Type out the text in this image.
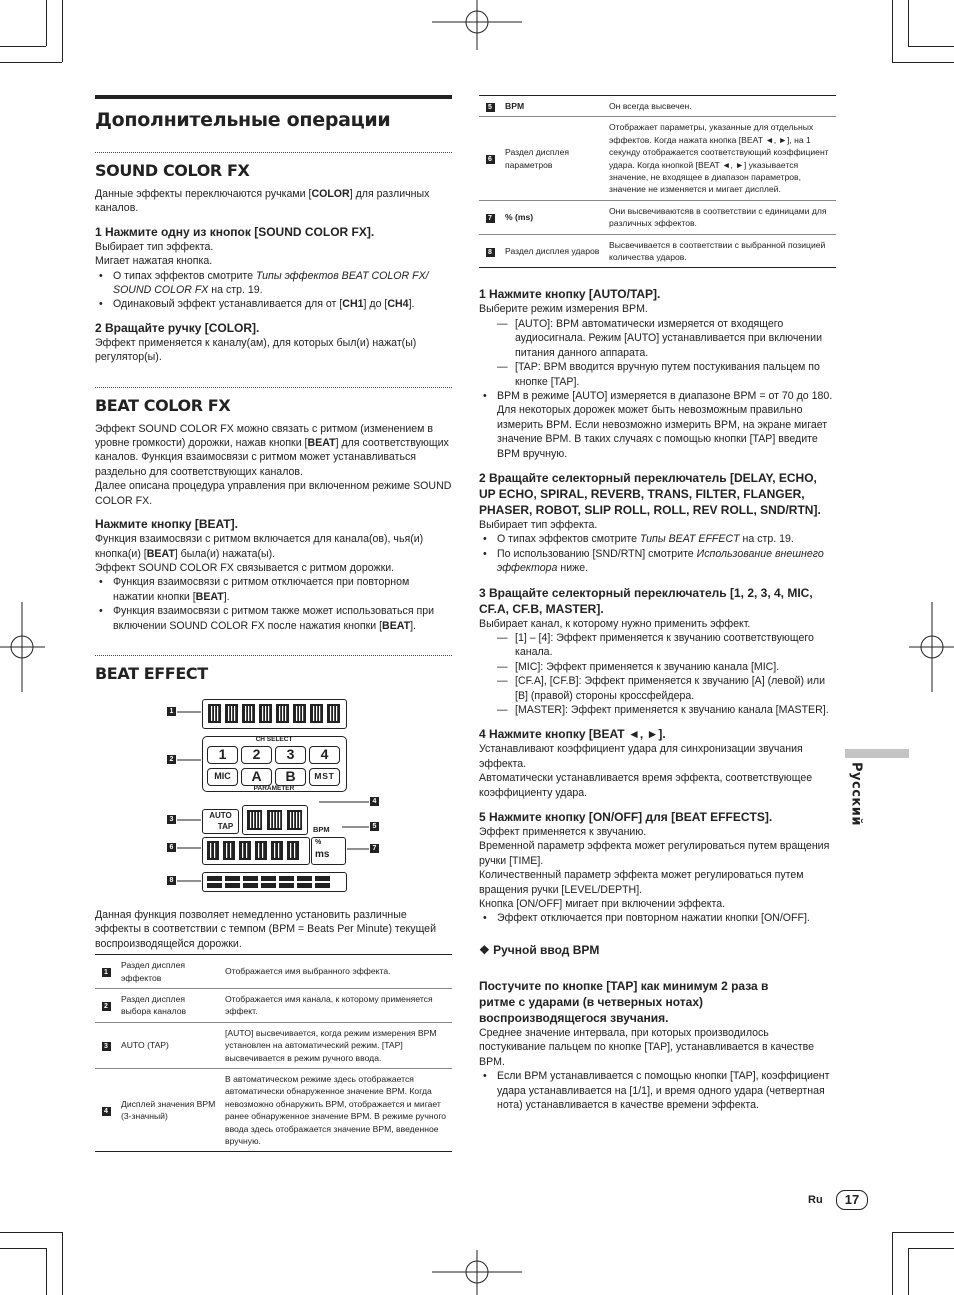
Дополнительные операции
SOUND COLOR FX

Данные эффекты переключаются ручками [COLOR] для различных каналов.

1 Нажмите одну из кнопок [SOUND COLOR FX].

Выбирает тип эффекта.

Мигает нажатая кнопка.

• О типах эффектов смотрите Типы эффектов BEAT COLOR FX/ SOUND COLOR FX на стр. 19.

• Одинаковый эффект устанавливается для от [CH1] до [CH4].

2 Вращайте ручку [COLOR].

Эффект применяется к каналу(ам), для которых был(и) нажат(ы) регулятор(ы).

BEAT COLOR FX

Эффект SOUND COLOR FX можно связать с ритмом (изменением в уровне громкости) дорожки, нажав кнопки [BEAT] для соответствующих каналов. Функция взаимосвязи с ритмом может устанавливаться раздельно для соответствующих каналов.

Далее описана процедура управления при включенном режиме SOUND COLOR FX.

Нажмите кнопку [BEAT].

Функция взаимосвязи с ритмом включается для канала(ов), чья(и) кнопка(и) [BEAT] была(и) нажата(ы).

Эффект SOUND COLOR FX связывается с ритмом дорожки.

• Функция взаимосвязи с ритмом отключается при повторном нажатии кнопки [BEAT].

• Функция взаимосвязи с ритмом также может использоваться при включении SOUND COLOR FX после нажатия кнопки [BEAT].

BEAT EFFECT
1
2
3
6
8
4
5
7
CH SELECT
1	2	3	4
MIC	A	B	MST
PARAMETER
AUTO
TAP	BPM
%
ms

Данная функция позволяет немедленно установить различные эффекты в соответствии с темпом (BPM = Beats Per Minute) текущей воспроизводящейся дорожки.

1	Раздел дисплея эффектов	Отображается имя выбранного эффекта.
2	Раздел дисплея выбора каналов	Отображается имя канала, к которому применяется эффект.
3	AUTO (TAP)	[AUTO] высвечивается, когда режим измерения BPM установлен на автоматический режим. [TAP] высвечивается в режим ручного ввода.
4	Дисплей значения BPM (3-значный)	В автоматическом режиме здесь отображается автоматически обнаруженное значение BPM. Когда невозможно обнаружить BPM, отображается и мигает ранее обнаруженное значение BPM. В режиме ручного ввода здесь отображается значение BPM, введенное вручную.
5	BPM	Он всегда высвечен.
6	Раздел дисплея параметров	Отображает параметры, указанные для отдельных эффектов. Когда нажата кнопка [BEAT ◄, ►], на 1 секунду отображается соответствующий коэффициент удара. Когда кнопкой [BEAT ◄, ►] указывается значение, не входящее в диапазон параметров, значение не изменяется и мигает дисплей.
7	% (ms)	Они высвечиваютсяв в соответствии с единицами для различных эффектов.
8	Раздел дисплея ударов	Высвечивается в соответствии с выбранной позицией количества ударов.
1 Нажмите кнопку [AUTO/TAP].

Выберите режим измерения BPM.

— [AUTO]: BPM автоматически измеряется от входящего аудиосигнала. Режим [AUTO] устанавливается при включении питания данного аппарата.

— [TAP: BPM вводится вручную путем постукивания пальцем по кнопке [TAP].

• BPM в режиме [AUTO] измеряется в диапазоне BPM = от 70 до 180. Для некоторых дорожек может быть невозможным правильно измерить BPM. Если невозможно измерить BPM, на экране мигает значение BPM. В таких случаях с помощью кнопки [TAP] введите BPM вручную.

2 Вращайте селекторный переключатель [DELAY, ECHO, UP ECHO, SPIRAL, REVERB, TRANS, FILTER, FLANGER, PHASER, ROBOT, SLIP ROLL, ROLL, REV ROLL, SND/RTN].

Выбирает тип эффекта.

• О типах эффектов смотрите Типы BEAT EFFECT на стр. 19.

• По использованию [SND/RTN] смотрите Использование внешнего эффектора ниже.

3 Вращайте селекторный переключатель [1, 2, 3, 4, MIC, CF.A, CF.B, MASTER].

Выбирает канал, к которому нужно применить эффект.

— [1] – [4]: Эффект применяется к звучанию соответствующего канала.

— [MIC]: Эффект применяется к звучанию канала [MIC].

— [CF.A], [CF.B]: Эффект применяется к звучанию [A] (левой) или [B] (правой) стороны кроссфейдера.

— [MASTER]: Эффект применяется к звучанию канала [MASTER].

4 Нажмите кнопку [BEAT ◄, ►].

Устанавливают коэффициент удара для синхронизации звучания эффекта.

Автоматически устанавливается время эффекта, соответствующее коэффициенту удара.

5 Нажмите кнопку [ON/OFF] для [BEAT EFFECTS].

Эффект применяется к звучанию.

Временной параметр эффекта может регулироваться путем вращения ручки [TIME].

Количественный параметр эффекта может регулироваться путем вращения ручки [LEVEL/DEPTH].

Кнопка [ON/OFF] мигает при включении эффекта.

• Эффект отключается при повторном нажатии кнопки [ON/OFF].

❖ Ручной ввод BPM
Постучите по кнопке [TAP] как минимум 2 раза в ритме с ударами (в четверных нотах) воспроизводящегося звучания.

Среднее значение интервала, при которых производилось постукивание пальцем по кнопке [TAP], устанавливается в качестве BPM.

• Если BPM устанавливается с помощью кнопки [TAP], коэффициент удара устанавливается на [1/1], и время одного удара (четвертная нота) устанавливается в качестве времени эффекта.

Русский
Ru	17
